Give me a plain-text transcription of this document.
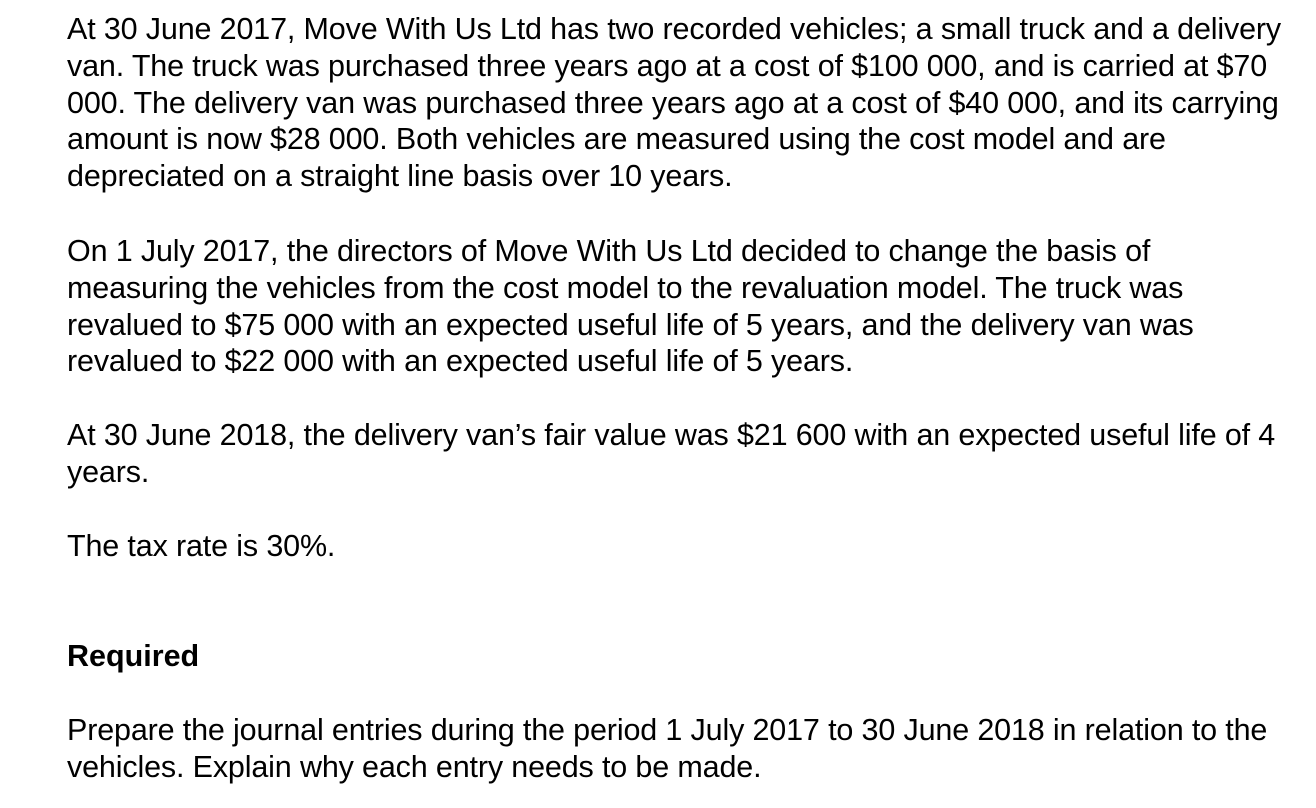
At 30 June 2017, Move With Us Ltd has two recorded vehicles; a small truck and a delivery van. The truck was purchased three years ago at a cost of $100 000, and is carried at $70 000. The delivery van was purchased three years ago at a cost of $40 000, and its carrying amount is now $28 000. Both vehicles are measured using the cost model and are depreciated on a straight line basis over 10 years.

On 1 July 2017, the directors of Move With Us Ltd decided to change the basis of measuring the vehicles from the cost model to the revaluation model. The truck was revalued to $75 000 with an expected useful life of 5 years, and the delivery van was revalued to $22 000 with an expected useful life of 5 years.

At 30 June 2018, the delivery van’s fair value was $21 600 with an expected useful life of 4 years.

The tax rate is 30%.

Required

Prepare the journal entries during the period 1 July 2017 to 30 June 2018 in relation to the vehicles. Explain why each entry needs to be made.
